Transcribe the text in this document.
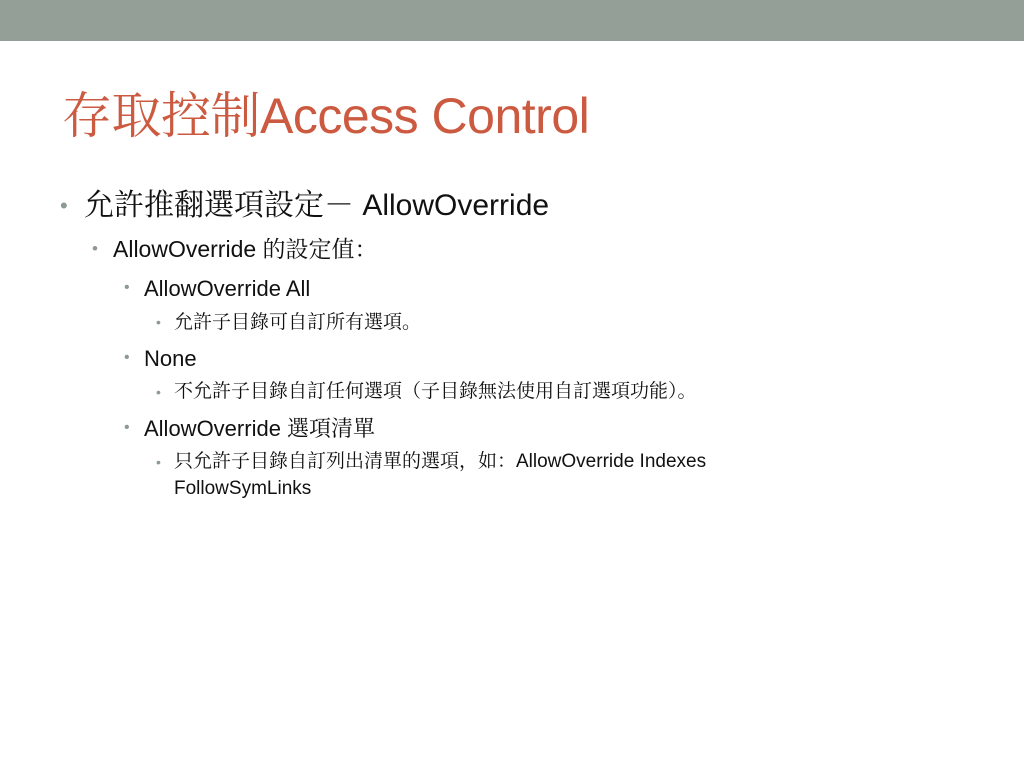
存取控制Access Control
• 允許推翻選項設定－ AllowOverride
• AllowOverride 的設定值：
• AllowOverride All
• 允許子目錄可自訂所有選項。
• None
• 不允許子目錄自訂任何選項（子目錄無法使用自訂選項功能）。
• AllowOverride 選項清單
• 只允許子目錄自訂列出清單的選項，如：AllowOverride Indexes FollowSymLinks
